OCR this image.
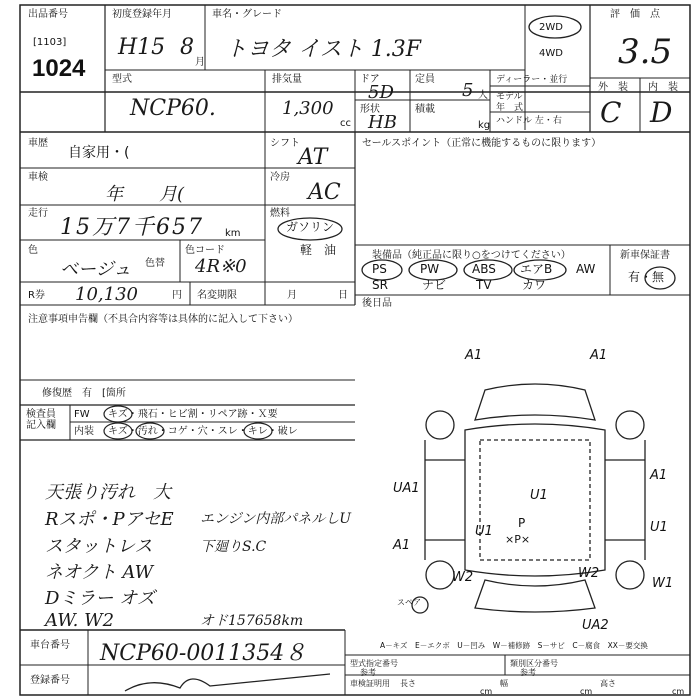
出品番号
[1103]
1024
初度登録年月
H15 8
月
車名・グレード
トヨタ イスト 1.3F
2WD
4WD
評　価　点
3.5
型式
NCP60.
排気量
1,300
cc
ドア
5D
定員
5 人
形状
HB
積載
kg
ディーラー・並行
モデル
年　式
ハンドル 左・右
外　装 内　装
C D
車歴
自家用・(
シフト
AT
セールスポイント（正常に機能するものに限ります）
車検
年　　月(
冷房
AC
走行
15万7千657 km
燃料
ガソリン
軽　油
色
ベージュ
色コード
色替 4R※0
装備品（純正品に限り○をつけてください）	新車保証書
PS	PW	ABS エアB AW
SR	ナビ TV	カワ
有・無
R券 10,130	円 名変期限	月	日
後日品
注意事項申告欄（不具合内容等は具体的に記入して下さい）
修復歴　有　[箇所
検査員
記入欄
FW キズ・飛石・ヒビ割・リペア跡・Ｘ要
内装 キズ・汚れ・コゲ・穴・スレ・キレ・破レ
天張り汚れ　大
Rスポ・PアセE
スタットレス
ネオクト AW
Dミラー オズ
AW. W2
エンジン内部パネルしU
下廻りS.C
オド157658km
A1	A1
UA1	U1
A1
U1
A1
U1
W2	W2
W1
UA2
P
×P×
スペア
A－キズ　E－エクボ　U－凹み　W－補修跡　S－サビ　C－腐食　XX－要交換
車台番号 NCP60-0011354８
登録番号
型式指定番号
参考
類別区分番号
参考
車検証明用 長さ
cm
幅
cm
高さ
cm
